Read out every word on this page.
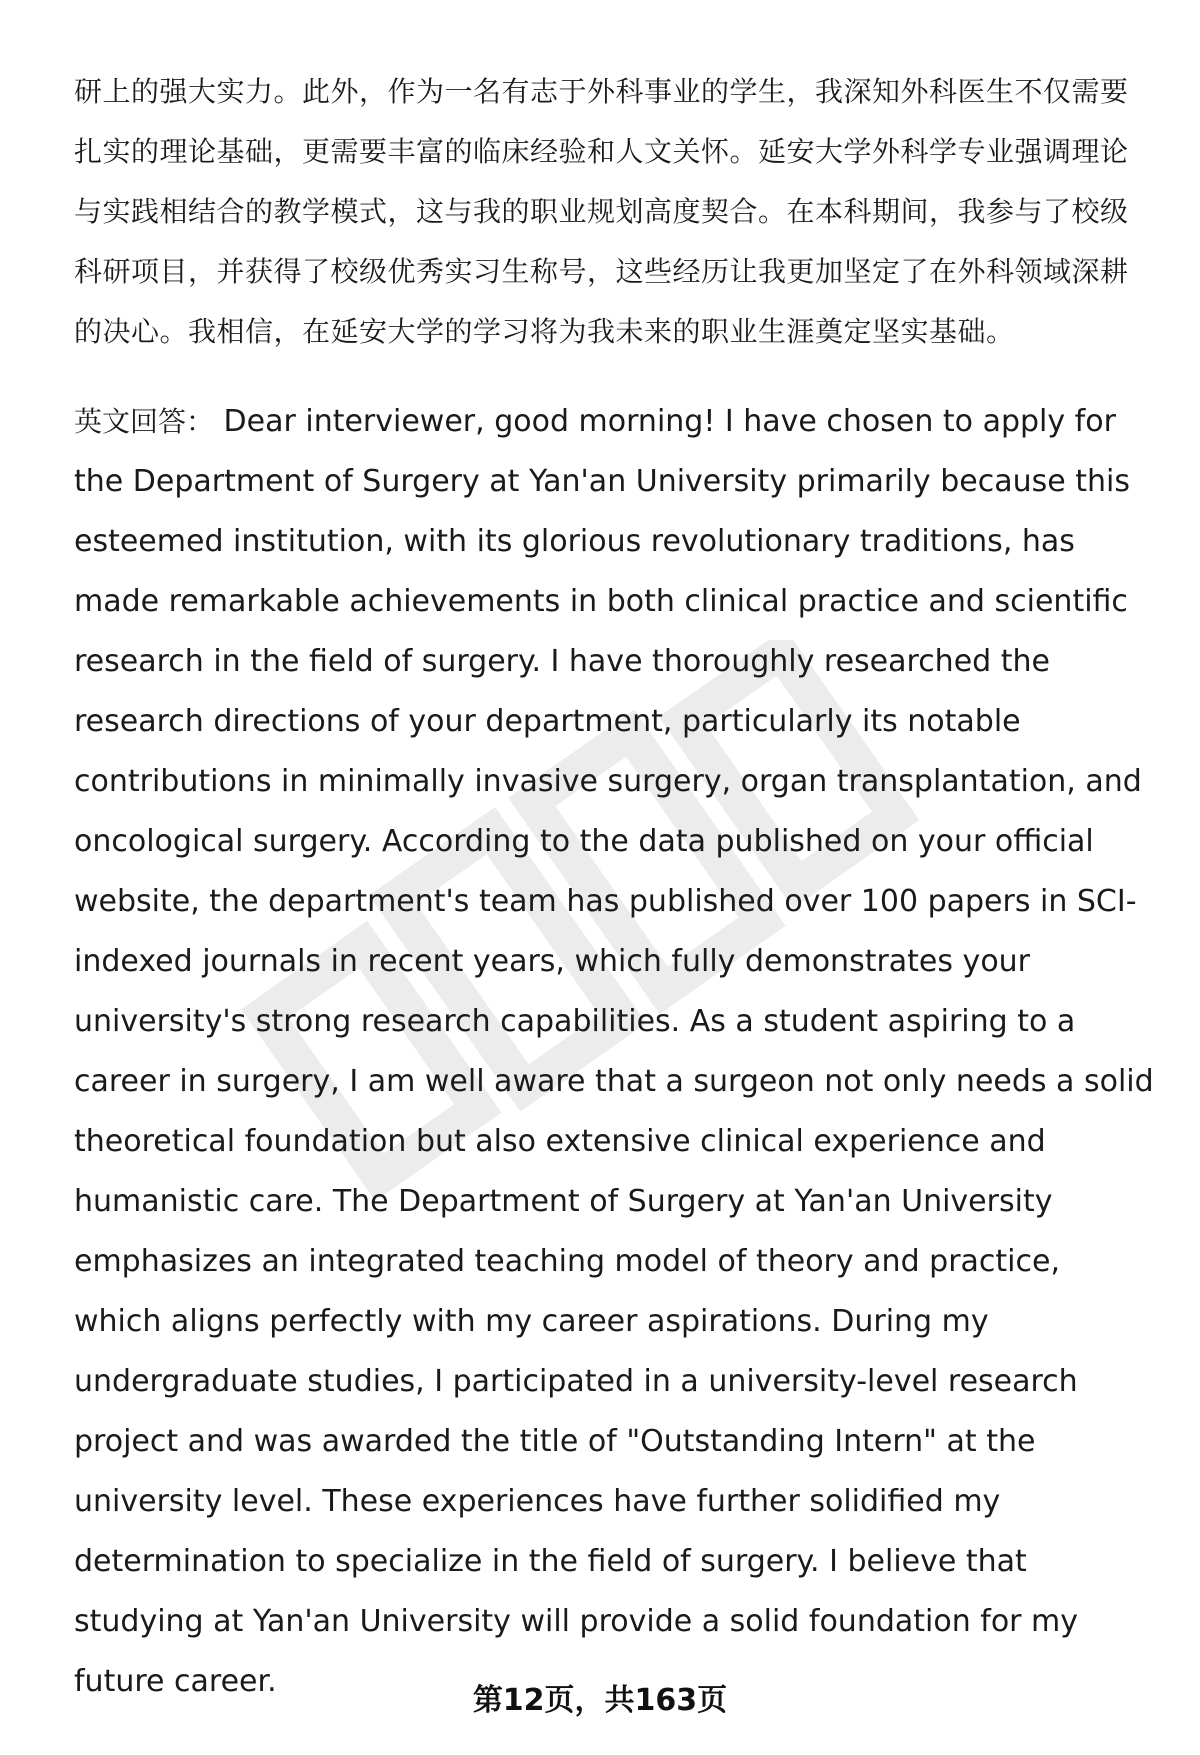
研上的强大实力。此外，作为一名有志于外科事业的学生，我深知外科医生不仅需要扎实的理论基础，更需要丰富的临床经验和人文关怀。延安大学外科学专业强调理论与实践相结合的教学模式，这与我的职业规划高度契合。在本科期间，我参与了校级科研项目，并获得了校级优秀实习生称号，这些经历让我更加坚定了在外科领域深耕的决心。我相信，在延安大学的学习将为我未来的职业生涯奠定坚实基础。

英文回答： Dear interviewer, good morning! I have chosen to apply for the Department of Surgery at Yan'an University primarily because this esteemed institution, with its glorious revolutionary traditions, has made remarkable achievements in both clinical practice and scientific research in the field of surgery. I have thoroughly researched the research directions of your department, particularly its notable contributions in minimally invasive surgery, organ transplantation, and oncological surgery. According to the data published on your official website, the department's team has published over 100 papers in SCI-indexed journals in recent years, which fully demonstrates your university's strong research capabilities. As a student aspiring to a career in surgery, I am well aware that a surgeon not only needs a solid theoretical foundation but also extensive clinical experience and humanistic care. The Department of Surgery at Yan'an University emphasizes an integrated teaching model of theory and practice, which aligns perfectly with my career aspirations. During my undergraduate studies, I participated in a university-level research project and was awarded the title of "Outstanding Intern" at the university level. These experiences have further solidified my determination to specialize in the field of surgery. I believe that studying at Yan'an University will provide a solid foundation for my future career.

第12页，共163页
